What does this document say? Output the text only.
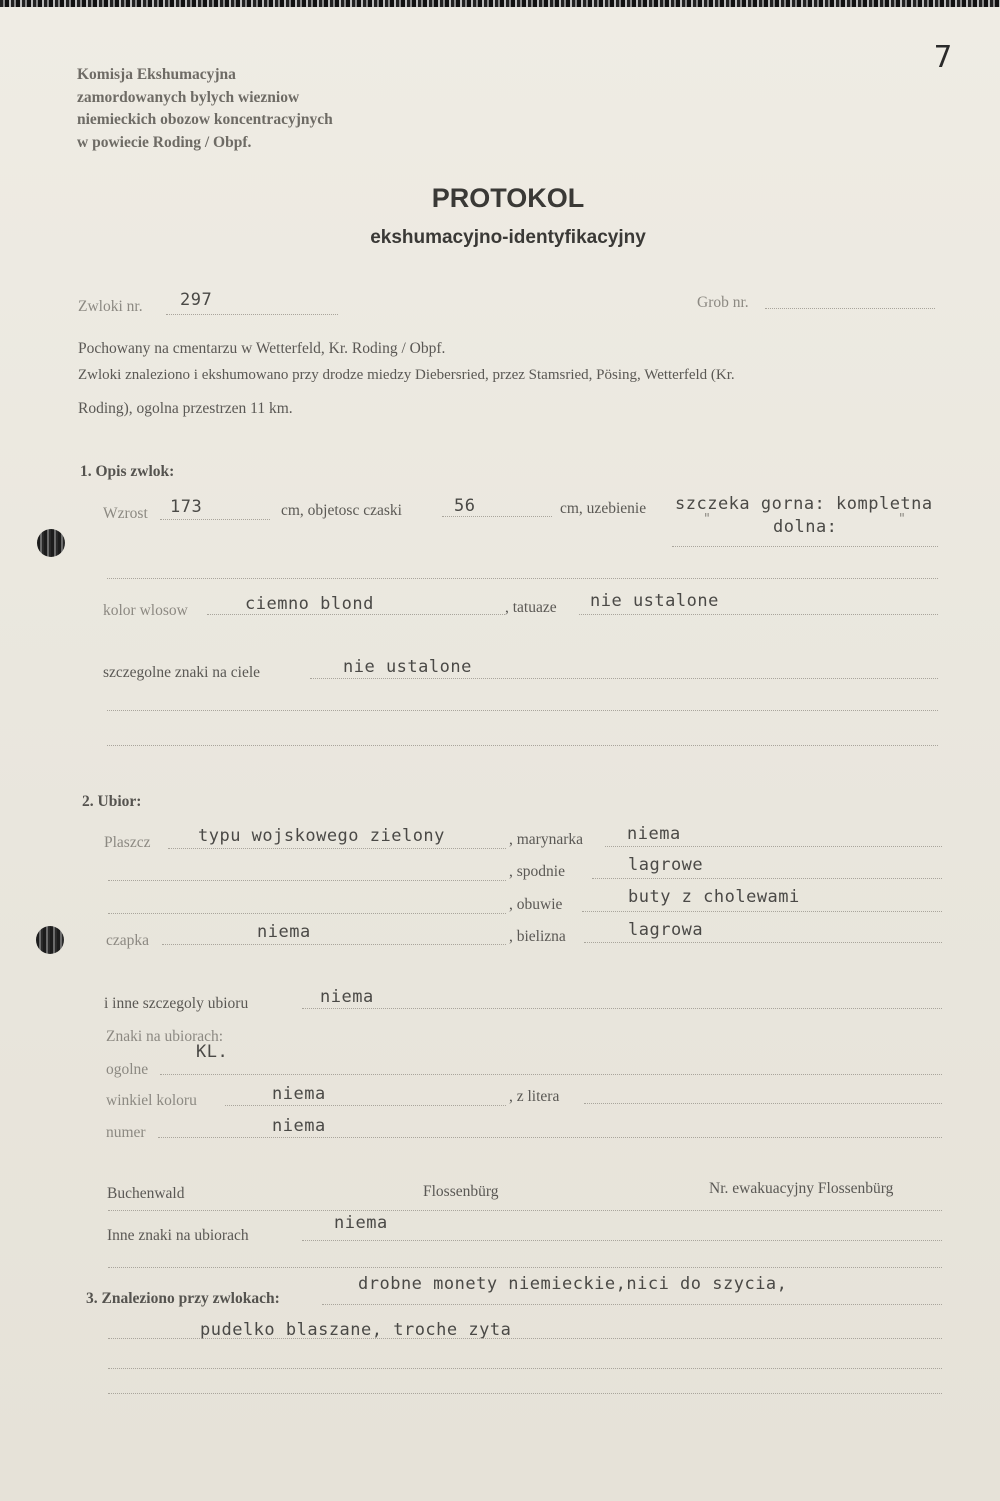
Komisja Ekshumacyjna
zamordowanych bylych wiezniow
niemieckich obozow koncentracyjnych
w powiecie Roding / Obpf.
7
PROTOKOL
ekshumacyjno-identyfikacyjny
Zwloki nr. 297	Grob nr.
Pochowany na cmentarzu w Wetterfeld, Kr. Roding / Obpf.
Zwloki znaleziono i ekshumowano przy drodze miedzy Diebersried, przez Stamsried, Pösing, Wetterfeld (Kr.
Roding), ogolna przestrzen 11 km.
1. Opis zwlok:
Wzrost 173	cm, objetosc czaski	56	cm, uzebienie szczeka gorna: kompletna
"	dolna:	"
kolor wlosow	ciemno blond	, tatuaze nie ustalone
szczegolne znaki na ciele	nie ustalone
2. Ubior:
Plaszcz	typu wojskowego zielony	, marynarka	niema
, spodnie	lagrowe
, obuwie	buty z cholewami
czapka	niema	, bielizna	lagrowa
i inne szczegoly ubioru	niema
Znaki na ubiorach:
ogolne
KL.
winkiel koloru	niema	, z litera
numer	niema
Buchenwald	Flossenbürg	Nr. ewakuacyjny Flossenbürg
Inne znaki na ubiorach
niema
3. Znaleziono przy zwlokach:
drobne monety niemieckie,nici do szycia,
pudelko blaszane, troche zyta
